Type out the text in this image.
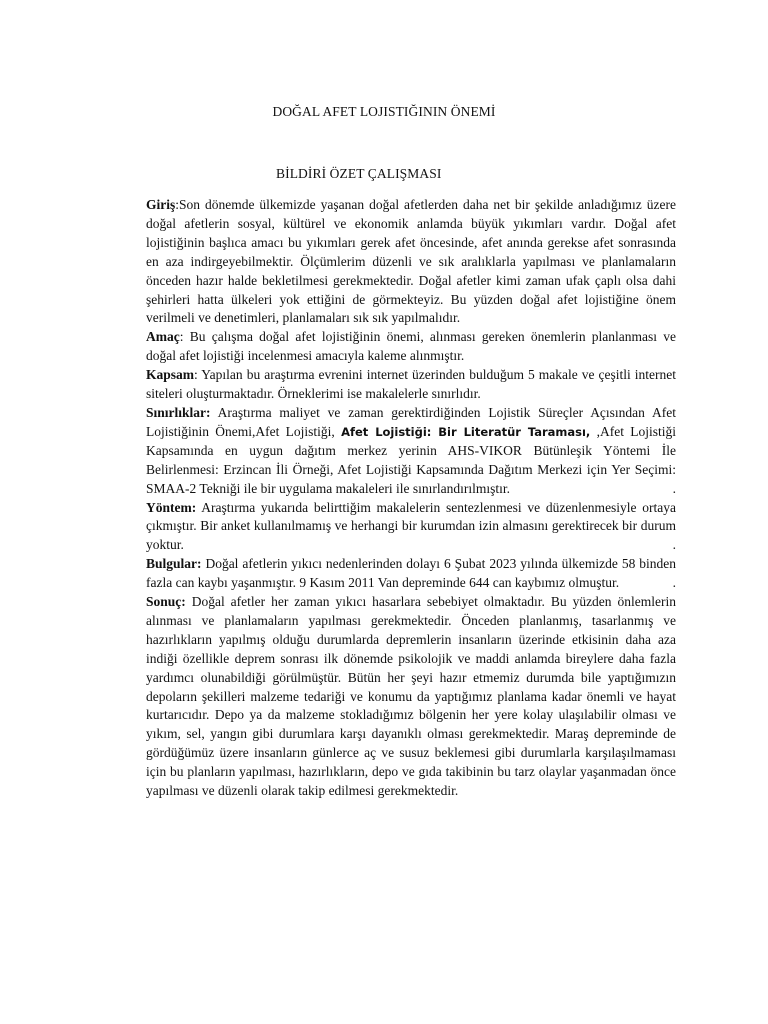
DOĞAL AFET LOJISTIĞININ ÖNEMİ
BİLDİRİ ÖZET ÇALIŞMASI

Giriş:Son dönemde ülkemizde yaşanan doğal afetlerden daha net bir şekilde anladığımız üzere doğal afetlerin sosyal, kültürel ve ekonomik anlamda büyük yıkımları vardır. Doğal afet lojistiğinin başlıca amacı bu yıkımları gerek afet öncesinde, afet anında gerekse afet sonrasında en aza indirgeyebilmektir. Ölçümlerim düzenli ve sık aralıklarla yapılması ve planlamaların önceden hazır halde bekletilmesi gerekmektedir. Doğal afetler kimi zaman ufak çaplı olsa dahi şehirleri hatta ülkeleri yok ettiğini de görmekteyiz. Bu yüzden doğal afet lojistiğine önem verilmeli ve denetimleri, planlamaları sık sık yapılmalıdır.

Amaç: Bu çalışma doğal afet lojistiğinin önemi, alınması gereken önemlerin planlanması ve doğal afet lojistiği incelenmesi amacıyla kaleme alınmıştır.

Kapsam: Yapılan bu araştırma evrenini internet üzerinden bulduğum 5 makale ve çeşitli internet siteleri oluşturmaktadır. Örneklerimi ise makalelerle sınırlıdır.

Sınırlıklar: Araştırma maliyet ve zaman gerektirdiğinden Lojistik Süreçler Açısından Afet Lojistiğinin Önemi,Afet Lojistiği, Afet Lojistiği: Bir Literatür Taraması, ,Afet Lojistiği Kapsamında en uygun dağıtım merkez yerinin AHS-VIKOR Bütünleşik Yöntemi İle Belirlenmesi: Erzincan İli Örneği, Afet Lojistiği Kapsamında Dağıtım Merkezi için Yer Seçimi: SMAA-2 Tekniği ile bir uygulama makaleleri ile sınırlandırılmıştır.	.

Yöntem: Araştırma yukarıda belirttiğim makalelerin sentezlenmesi ve düzenlenmesiyle ortaya çıkmıştır. Bir anket kullanılmamış ve herhangi bir kurumdan izin almasını gerektirecek bir durum yoktur.	.

Bulgular: Doğal afetlerin yıkıcı nedenlerinden dolayı 6 Şubat 2023 yılında ülkemizde 58 binden fazla can kaybı yaşanmıştır. 9 Kasım 2011 Van depreminde 644 can kaybımız olmuştur.	.

Sonuç: Doğal afetler her zaman yıkıcı hasarlara sebebiyet olmaktadır. Bu yüzden önlemlerin alınması ve planlamaların yapılması gerekmektedir. Önceden planlanmış, tasarlanmış ve hazırlıkların yapılmış olduğu durumlarda depremlerin insanların üzerinde etkisinin daha aza indiği özellikle deprem sonrası ilk dönemde psikolojik ve maddi anlamda bireylere daha fazla yardımcı olunabildiği görülmüştür. Bütün her şeyi hazır etmemiz durumda bile yaptığımızın depoların şekilleri malzeme tedariği ve konumu da yaptığımız planlama kadar önemli ve hayat kurtarıcıdır. Depo ya da malzeme stokladığımız bölgenin her yere kolay ulaşılabilir olması ve yıkım, sel, yangın gibi durumlara karşı dayanıklı olması gerekmektedir. Maraş depreminde de gördüğümüz üzere insanların günlerce aç ve susuz beklemesi gibi durumlarla karşılaşılmaması için bu planların yapılması, hazırlıkların, depo ve gıda takibinin bu tarz olaylar yaşanmadan önce yapılması ve düzenli olarak takip edilmesi gerekmektedir.
